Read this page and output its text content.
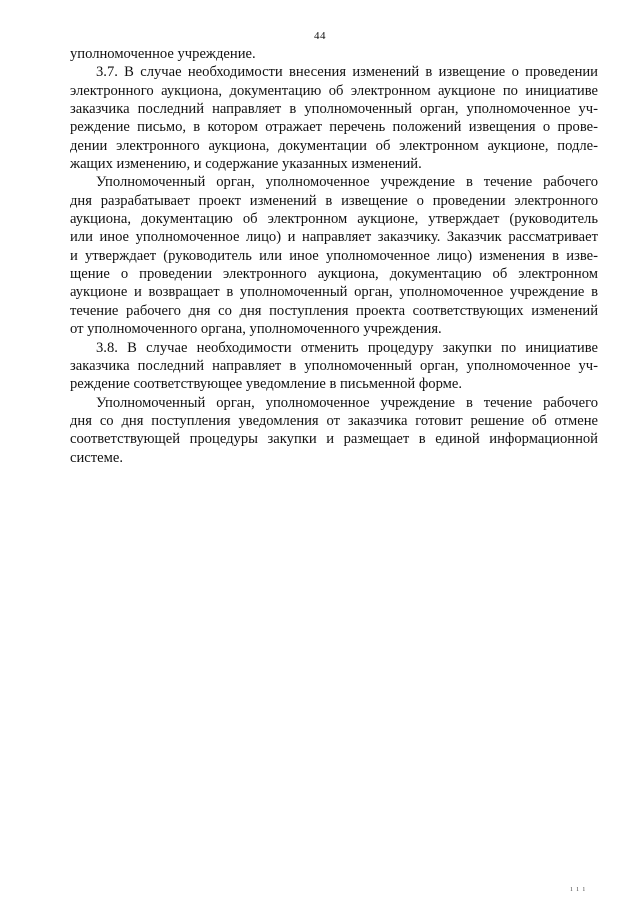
44
уполномоченное учреждение.
3.7. В случае необходимости внесения изменений в извещение о проведении
электронного аукциона, документацию об электронном аукционе по инициативе
заказчика последний направляет в уполномоченный орган, уполномоченное уч-
реждение письмо, в котором отражает перечень положений извещения о прове-
дении электронного аукциона, документации об электронном аукционе, подле-
жащих изменению, и содержание указанных изменений.
Уполномоченный орган, уполномоченное учреждение в течение рабочего
дня разрабатывает проект изменений в извещение о проведении электронного
аукциона, документацию об электронном аукционе, утверждает (руководитель
или иное уполномоченное лицо) и направляет заказчику. Заказчик рассматривает
и утверждает (руководитель или иное уполномоченное лицо) изменения в изве-
щение о проведении электронного аукциона, документацию об электронном
аукционе и возвращает в уполномоченный орган, уполномоченное учреждение в
течение рабочего дня со дня поступления проекта соответствующих изменений
от уполномоченного органа, уполномоченного учреждения.
3.8. В случае необходимости отменить процедуру закупки по инициативе
заказчика последний направляет в уполномоченный орган, уполномоченное уч-
реждение соответствующее уведомление в письменной форме.
Уполномоченный орган, уполномоченное учреждение в течение рабочего
дня со дня поступления уведомления от заказчика готовит решение об отмене
соответствующей процедуры закупки и размещает в единой информационной
системе.
ı ı ı
